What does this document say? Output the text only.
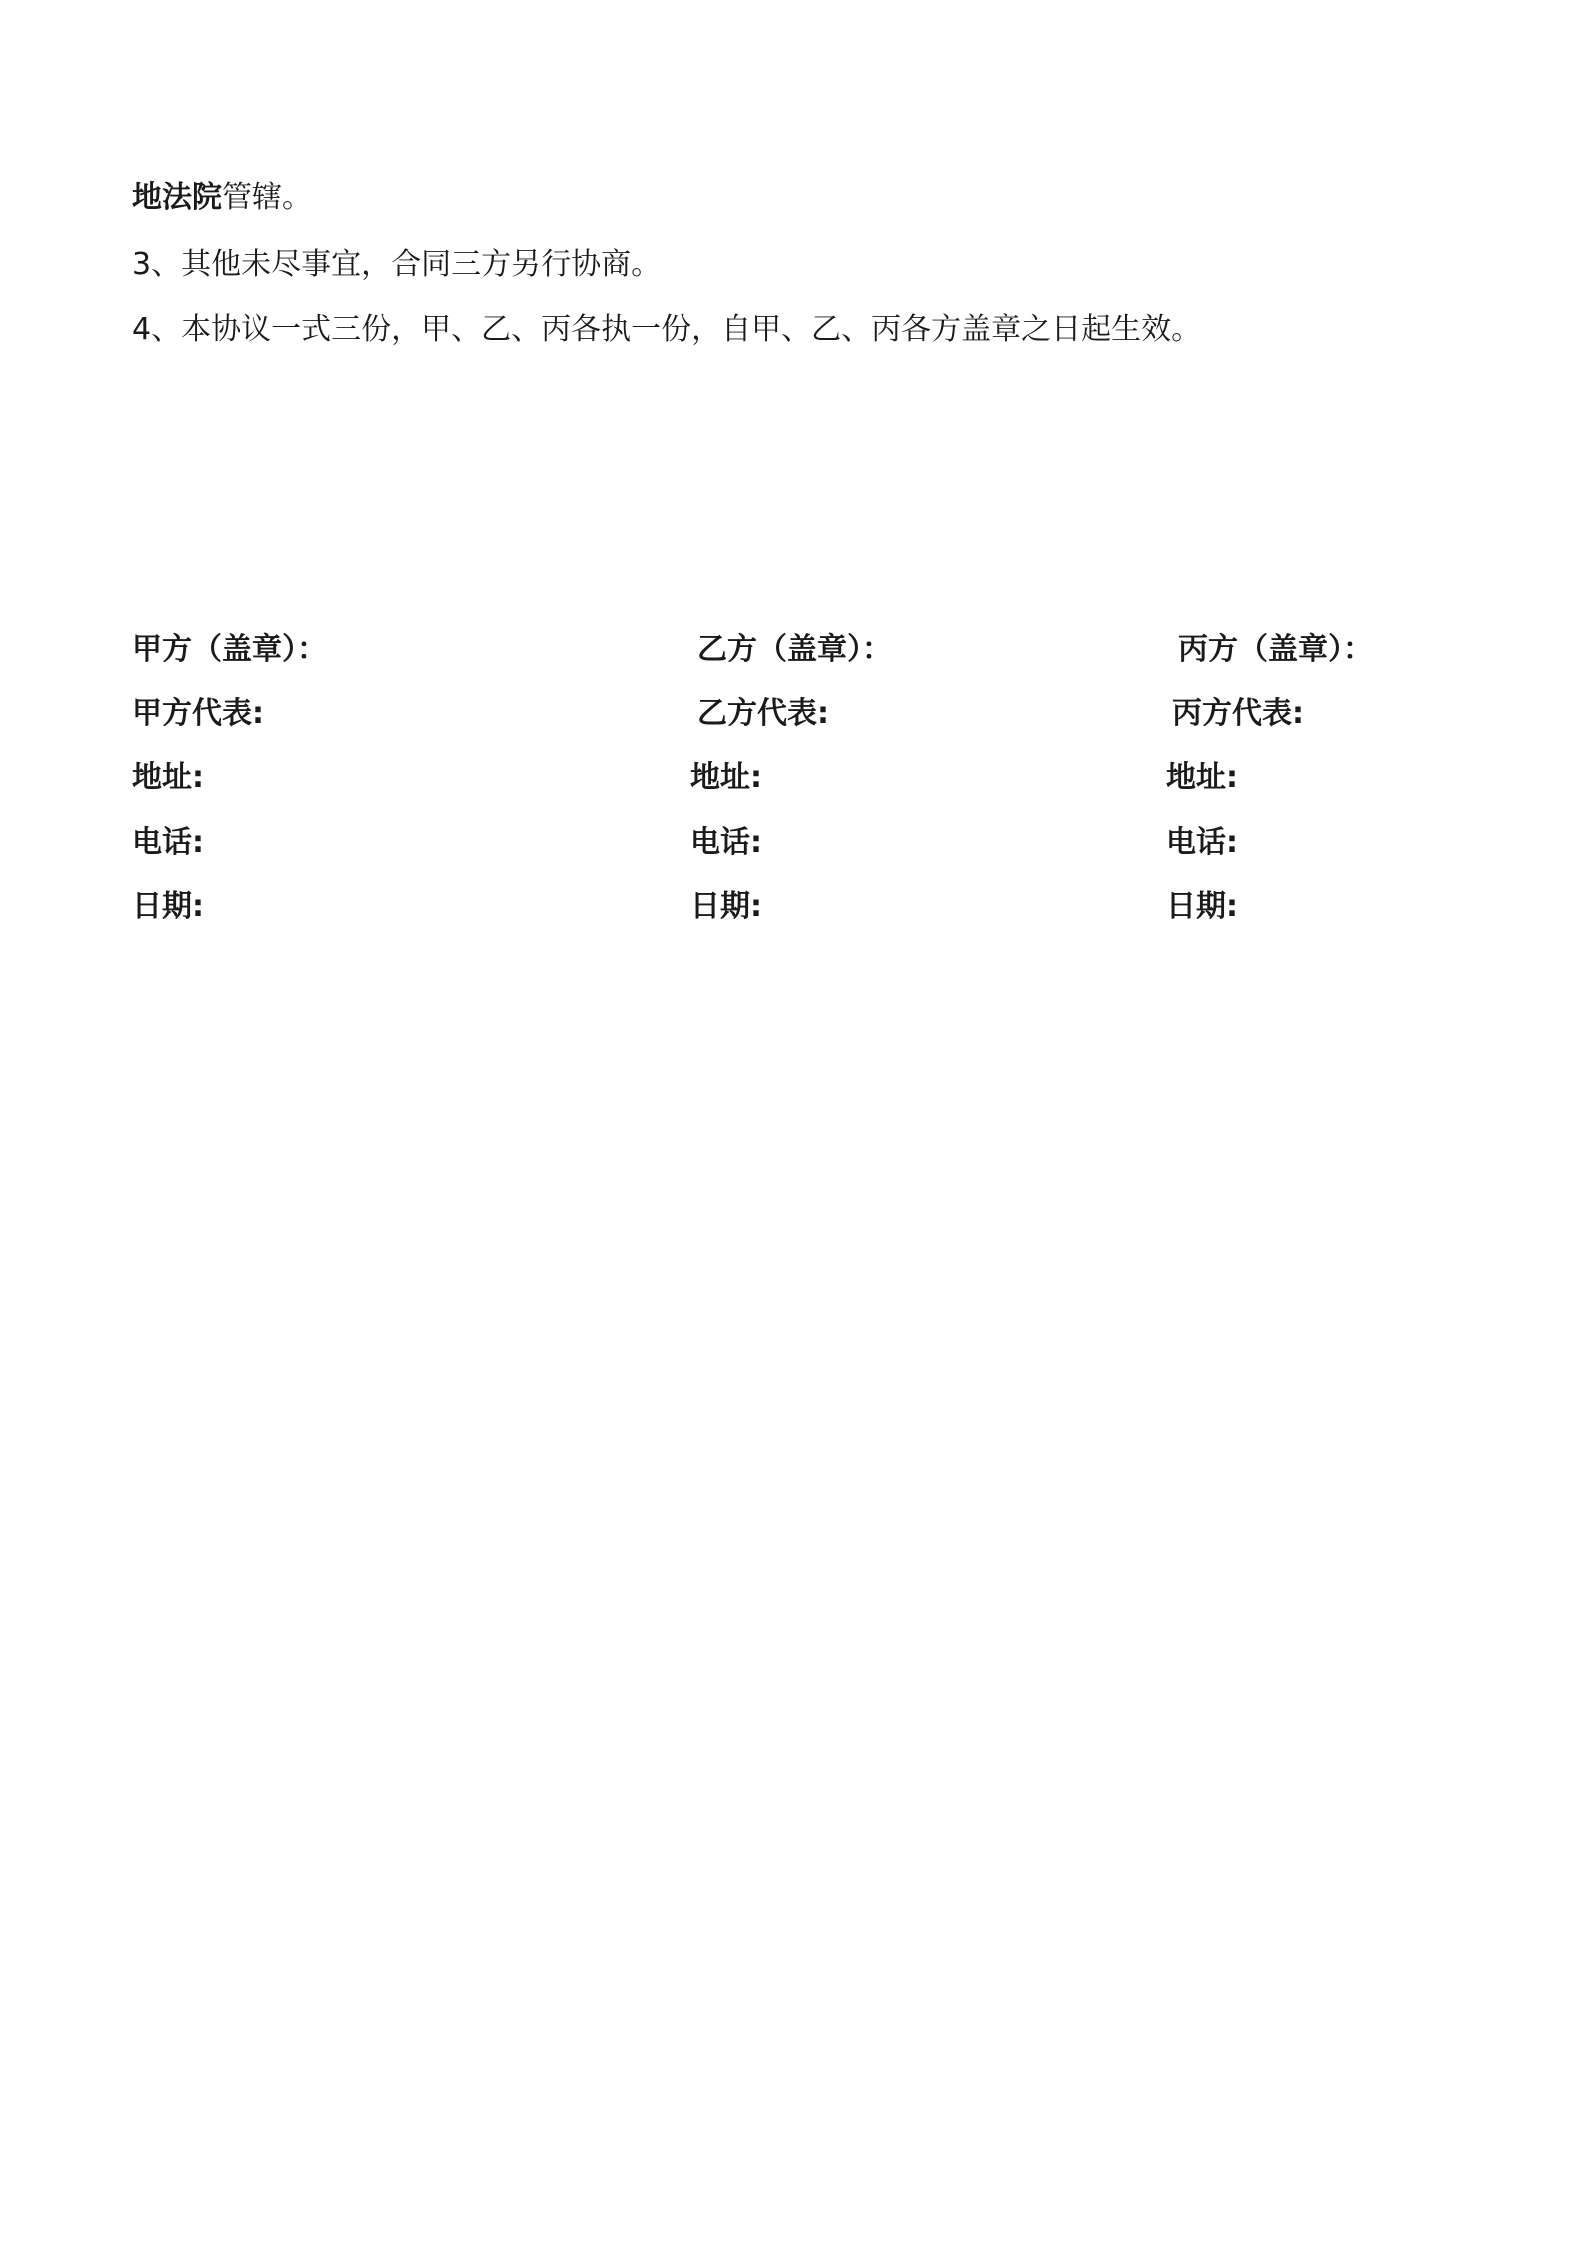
地法院管辖。
3、其他未尽事宜，合同三方另行协商。
4、本协议一式三份，甲、乙、丙各执一份，自甲、乙、丙各方盖章之日起生效。
甲方（盖章）：
甲方代表:
地址:
电话:
日期:
乙方（盖章）：
乙方代表:
地址:
电话:
日期:
丙方（盖章）：
丙方代表:
地址:
电话:
日期:
